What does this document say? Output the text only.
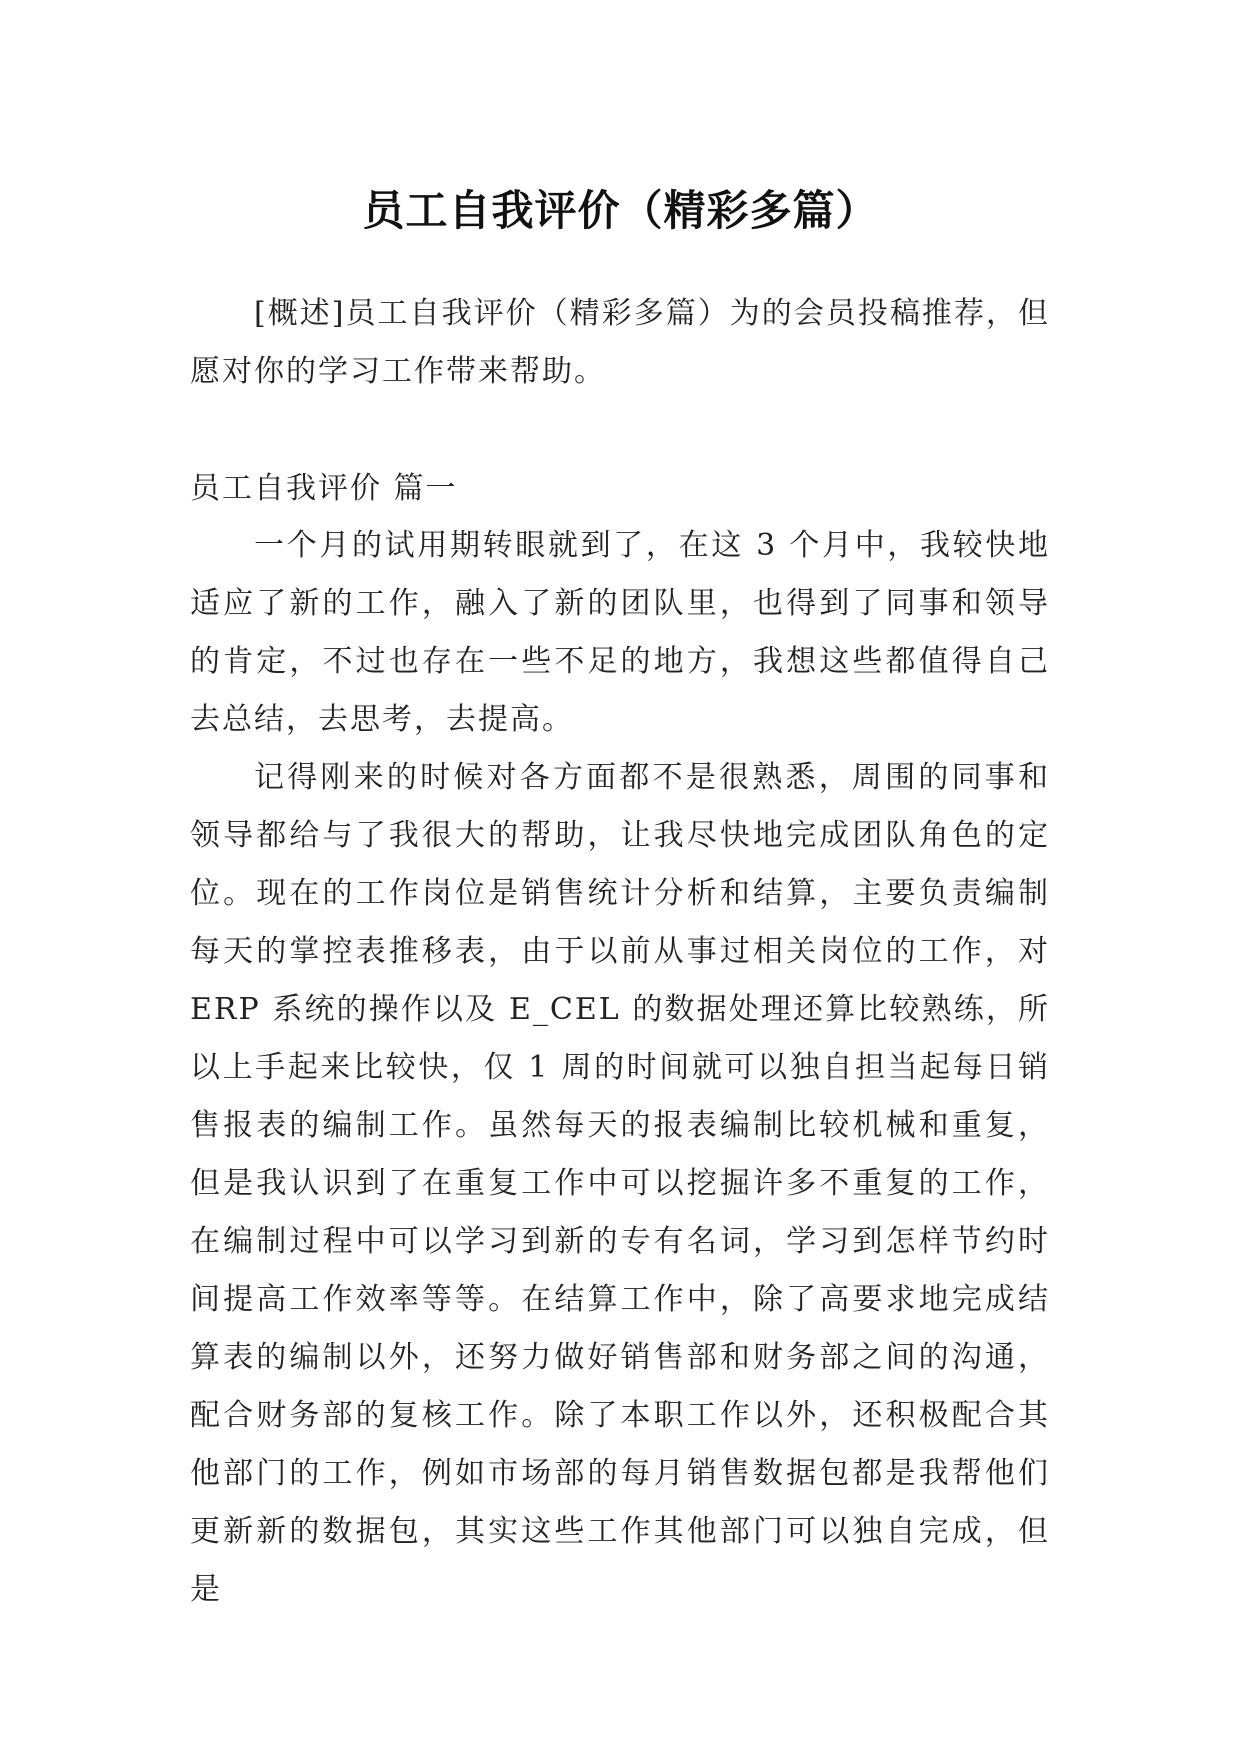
员工自我评价（精彩多篇）

[概述]员工自我评价（精彩多篇）为的会员投稿推荐，但愿对你的学习工作带来帮助。

员工自我评价 篇一

一个月的试用期转眼就到了，在这 3 个月中，我较快地适应了新的工作，融入了新的团队里，也得到了同事和领导的肯定，不过也存在一些不足的地方，我想这些都值得自己去总结，去思考，去提高。

记得刚来的时候对各方面都不是很熟悉，周围的同事和领导都给与了我很大的帮助，让我尽快地完成团队角色的定位。现在的工作岗位是销售统计分析和结算，主要负责编制每天的掌控表推移表，由于以前从事过相关岗位的工作，对 ERP 系统的操作以及 E_CEL 的数据处理还算比较熟练，所以上手起来比较快，仅 1 周的时间就可以独自担当起每日销售报表的编制工作。虽然每天的报表编制比较机械和重复，但是我认识到了在重复工作中可以挖掘许多不重复的工作，在编制过程中可以学习到新的专有名词，学习到怎样节约时间提高工作效率等等。在结算工作中，除了高要求地完成结算表的编制以外，还努力做好销售部和财务部之间的沟通，配合财务部的复核工作。除了本职工作以外，还积极配合其他部门的工作，例如市场部的每月销售数据包都是我帮他们更新新的数据包，其实这些工作其他部门可以独自完成，但是
